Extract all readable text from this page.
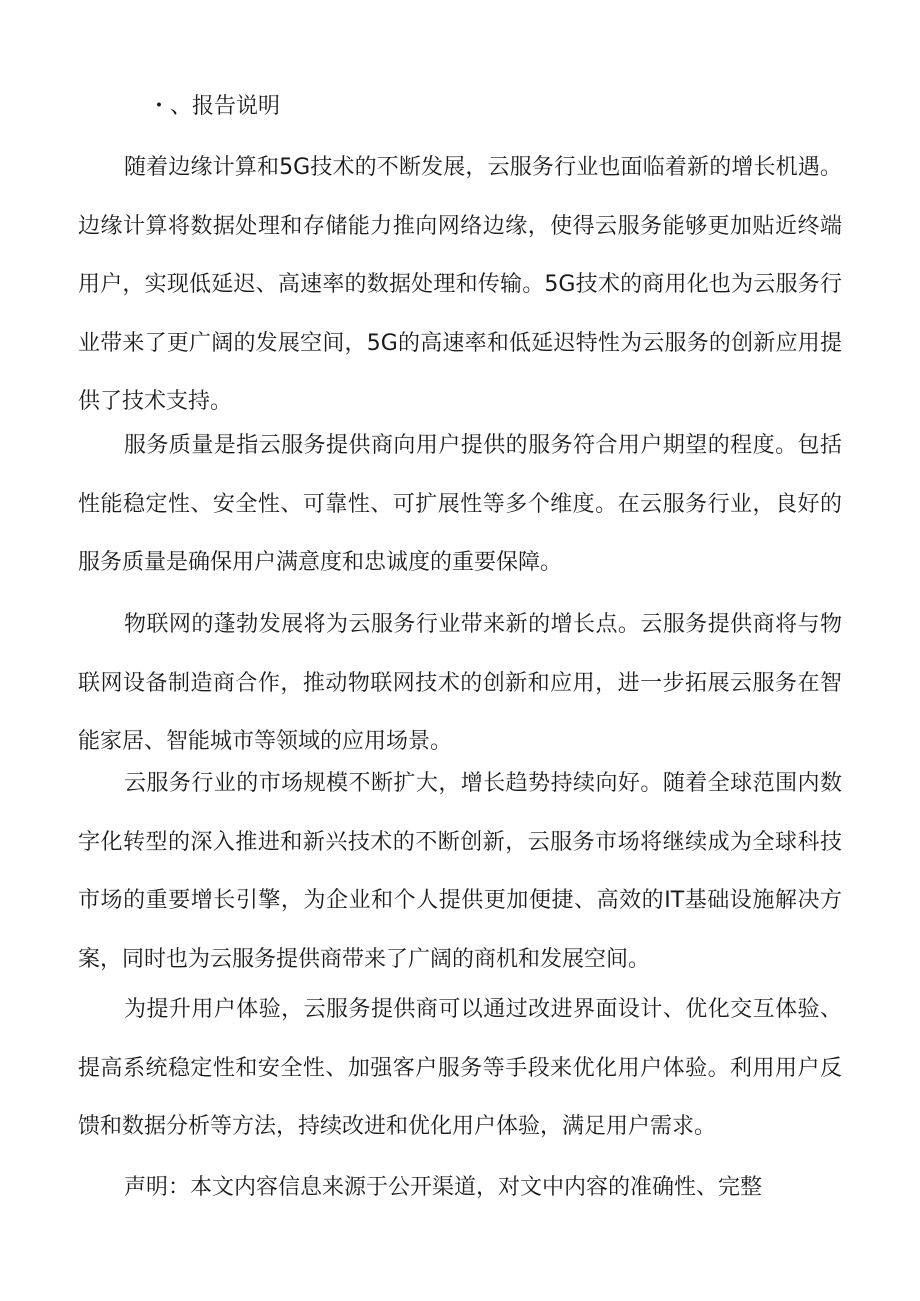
・、报告说明

随着边缘计算和5G技术的不断发展，云服务行业也面临着新的增长机遇。边缘计算将数据处理和存储能力推向网络边缘，使得云服务能够更加贴近终端用户，实现低延迟、高速率的数据处理和传输。5G技术的商用化也为云服务行业带来了更广阔的发展空间，5G的高速率和低延迟特性为云服务的创新应用提供了技术支持。

服务质量是指云服务提供商向用户提供的服务符合用户期望的程度。包括性能稳定性、安全性、可靠性、可扩展性等多个维度。在云服务行业，良好的服务质量是确保用户满意度和忠诚度的重要保障。

物联网的蓬勃发展将为云服务行业带来新的增长点。云服务提供商将与物联网设备制造商合作，推动物联网技术的创新和应用，进一步拓展云服务在智能家居、智能城市等领域的应用场景。

云服务行业的市场规模不断扩大，增长趋势持续向好。随着全球范围内数字化转型的深入推进和新兴技术的不断创新，云服务市场将继续成为全球科技市场的重要增长引擎，为企业和个人提供更加便捷、高效的IT基础设施解决方案，同时也为云服务提供商带来了广阔的商机和发展空间。

为提升用户体验，云服务提供商可以通过改进界面设计、优化交互体验、提高系统稳定性和安全性、加强客户服务等手段来优化用户体验。利用用户反馈和数据分析等方法，持续改进和优化用户体验，满足用户需求。

声明：本文内容信息来源于公开渠道，对文中内容的准确性、完整
